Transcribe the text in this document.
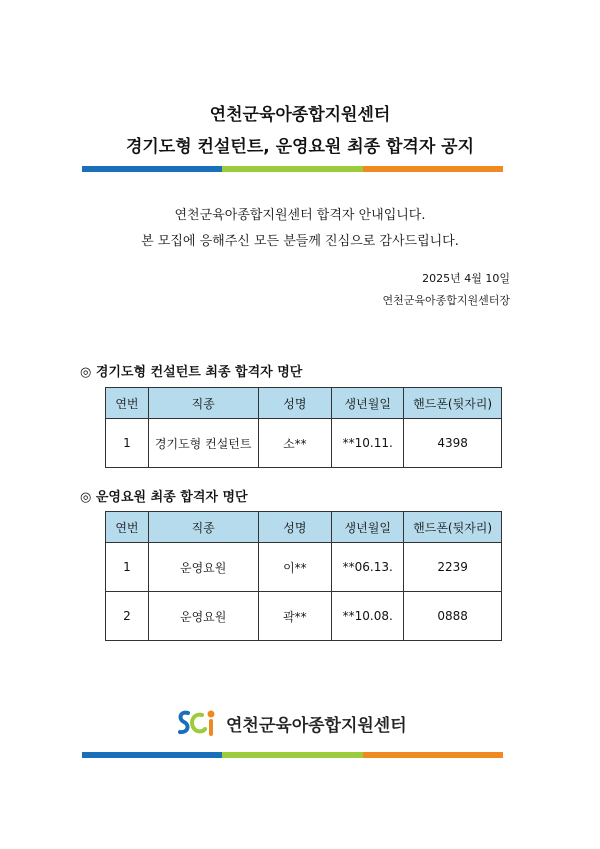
연천군육아종합지원센터
경기도형 컨설턴트, 운영요원 최종 합격자 공지
연천군육아종합지원센터 합격자 안내입니다.
본 모집에 응해주신 모든 분들께 진심으로 감사드립니다.
2025년 4월 10일
연천군육아종합지원센터장
◎ 경기도형 컨설턴트 최종 합격자 명단
연번	직종	성명	생년월일	핸드폰(뒷자리)
1	경기도형 컨설턴트	소**	**10.11.	4398
◎ 운영요원 최종 합격자 명단
연번	직종	성명	생년월일	핸드폰(뒷자리)
1	운영요원	이**	**06.13.	2239
2	운영요원	곽**	**10.08.	0888
연천군육아종합지원센터
